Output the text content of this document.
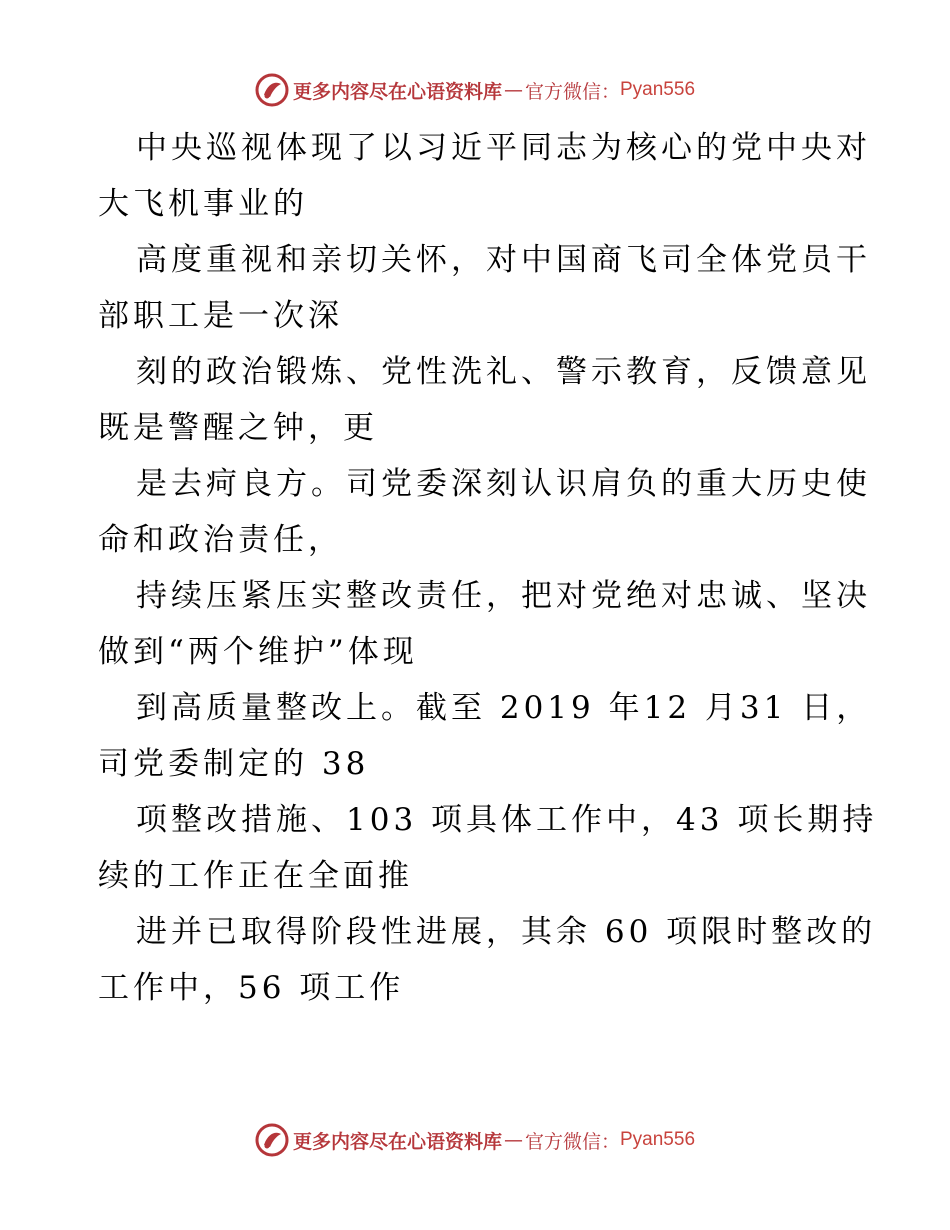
更多内容尽在心语资料库 — 官方微信： Pyan556

中央巡视体现了以习近平同志为核心的党中央对
大飞机事业的

高度重视和亲切关怀，对中国商飞司全体党员干
部职工是一次深

刻的政治锻炼、党性洗礼、警示教育，反馈意见
既是警醒之钟，更

是去疴良方。司党委深刻认识肩负的重大历史使
命和政治责任，

持续压紧压实整改责任，把对党绝对忠诚、坚决
做到“两个维护”体现

到高质量整改上。截至 2019 年12 月31 日，
司党委制定的 38

项整改措施、103 项具体工作中，43 项长期持
续的工作正在全面推

进并已取得阶段性进展，其余 60 项限时整改的
工作中，56 项工作

更多内容尽在心语资料库 — 官方微信： Pyan556
